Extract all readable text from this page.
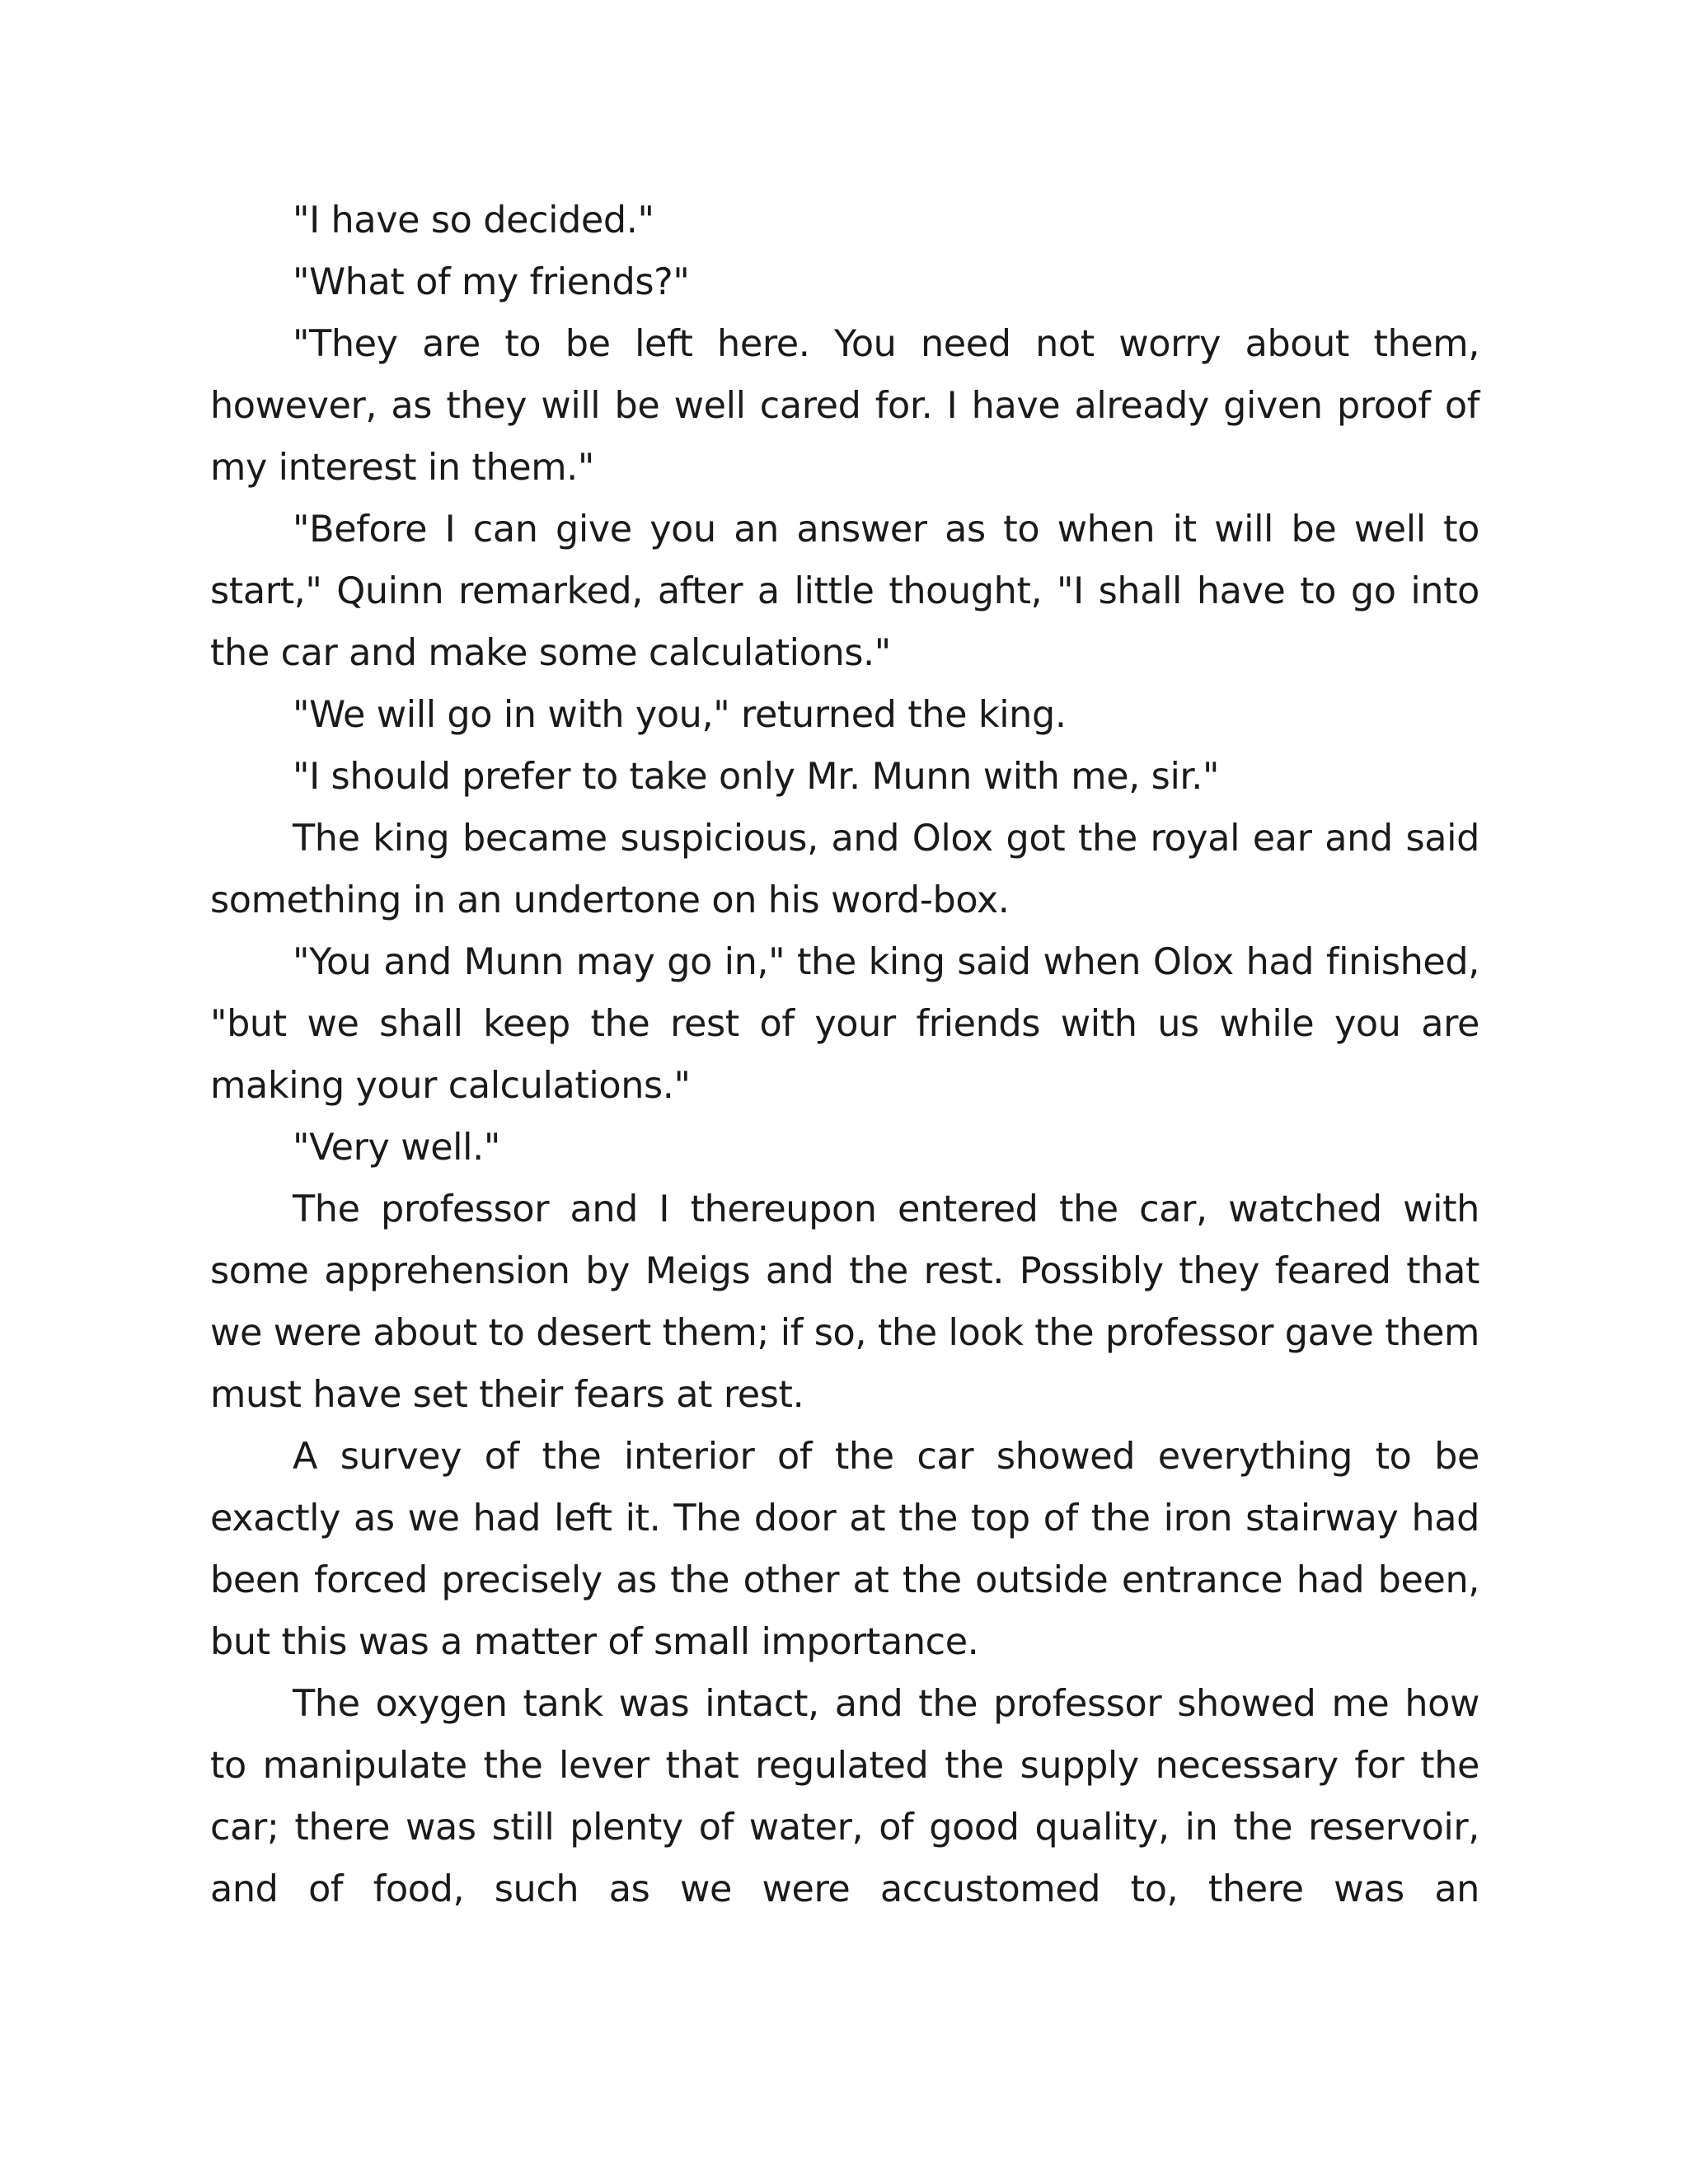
"I have so decided."

"What of my friends?"

"They are to be left here. You need not worry about them, however, as they will be well cared for. I have already given proof of my interest in them."

"Before I can give you an answer as to when it will be well to start," Quinn remarked, after a little thought, "I shall have to go into the car and make some calculations."

"We will go in with you," returned the king.

"I should prefer to take only Mr. Munn with me, sir."

The king became suspicious, and Olox got the royal ear and said something in an undertone on his word-box.

"You and Munn may go in," the king said when Olox had finished, "but we shall keep the rest of your friends with us while you are making your calculations."

"Very well."

The professor and I thereupon entered the car, watched with some apprehension by Meigs and the rest. Possibly they feared that we were about to desert them; if so, the look the professor gave them must have set their fears at rest.

A survey of the interior of the car showed everything to be exactly as we had left it. The door at the top of the iron stairway had been forced precisely as the other at the outside entrance had been, but this was a matter of small importance.

The oxygen tank was intact, and the professor showed me how to manipulate the lever that regulated the supply necessary for the car; there was still plenty of water, of good quality, in the reservoir, and of food, such as we were accustomed to, there was an
